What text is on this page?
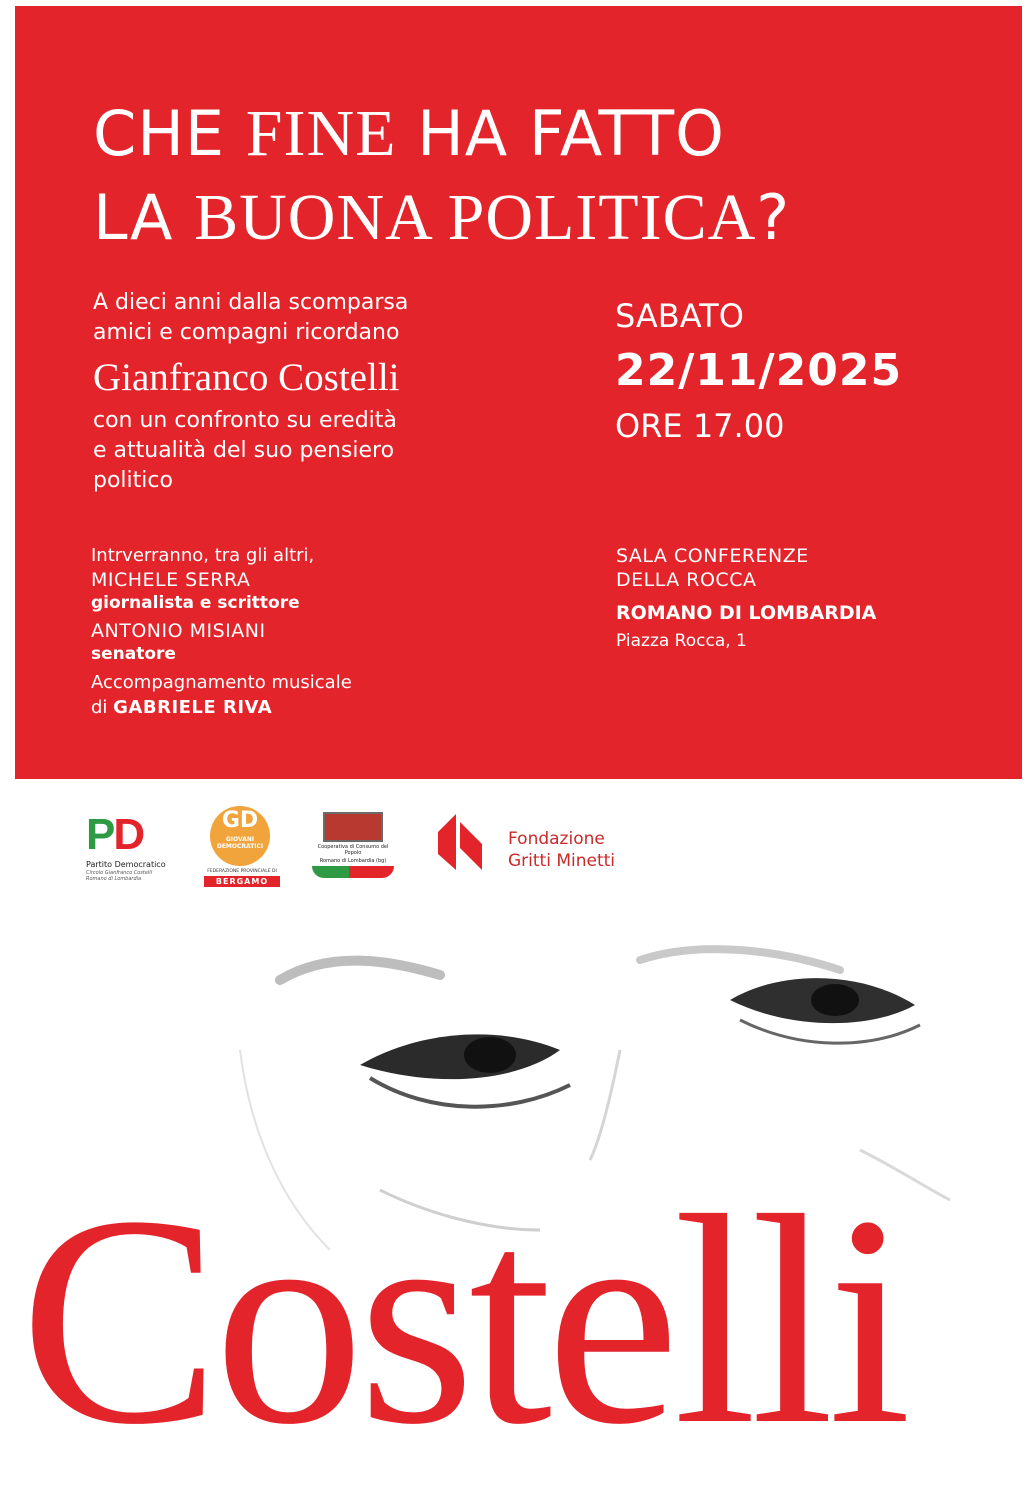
CHE FINE HA FATTO
LA BUONA POLITICA?
A dieci anni dalla scomparsa
amici e compagni ricordano
Gianfranco Costelli
con un confronto su eredità
e attualità del suo pensiero
politico
SABATO
22/11/2025
ORE 17.00
Intrverranno, tra gli altri,
MICHELE SERRA
giornalista e scrittore
ANTONIO MISIANI
senatore
Accompagnamento musicale
di GABRIELE RIVA
SALA CONFERENZE
DELLA ROCCA
ROMANO DI LOMBARDIA
Piazza Rocca, 1
PD
Partito Democratico
Circolo Gianfranco Costelli
Romano di Lombardia
GD
GIOVANI
DEMOCRATICI
FEDERAZIONE PROVINCIALE DI
BERGAMO
Cooperativa di Consumo del Popolo
Romano di Lombardia (bg)
Fondazione
Gritti Minetti
Costelli
